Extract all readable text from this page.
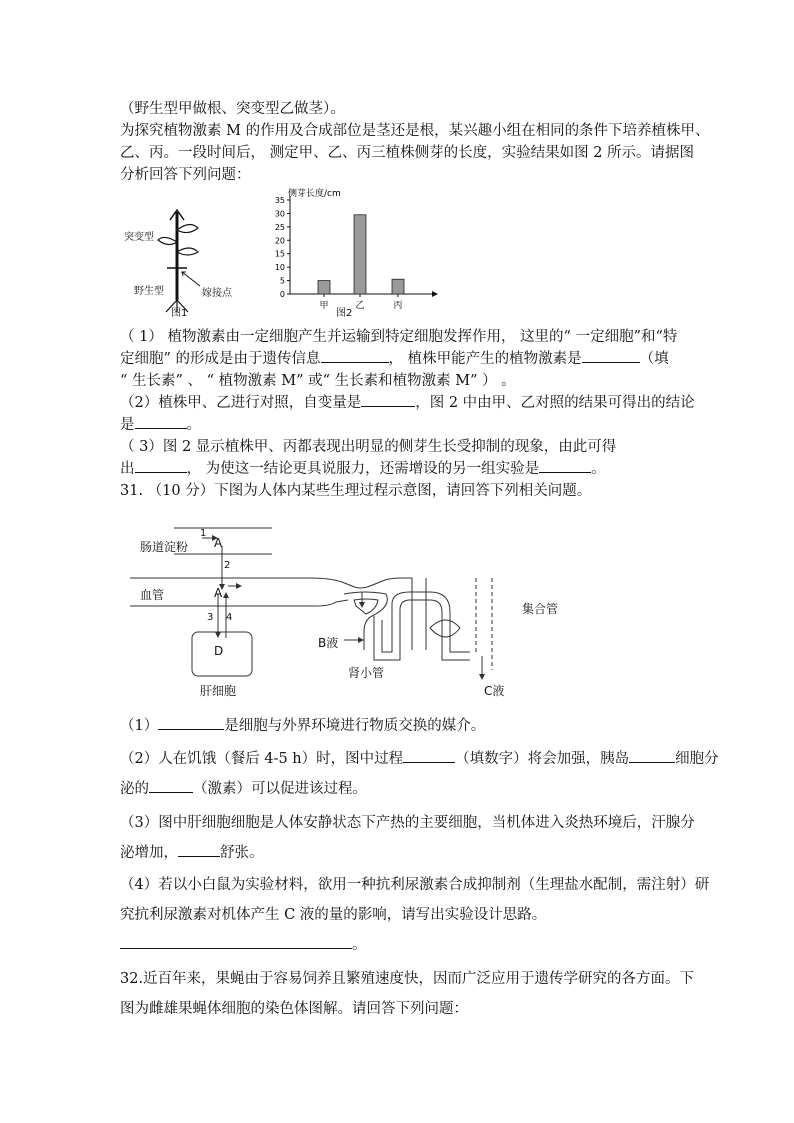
（野生型甲做根、突变型乙做茎）。
为探究植物激素 M 的作用及合成部位是茎还是根，某兴趣小组在相同的条件下培养植株甲、
乙、丙。一段时间后， 测定甲、乙、丙三植株侧芽的长度，实验结果如图 2 所示。请据图
分析回答下列问题：
突变型
野生型	嫁接点
图1
侧芽长度/cm
0
5
10
15
20
25
30
35
甲	乙	丙
图2
（ 1） 植物激素由一定细胞产生并运输到特定细胞发挥作用， 这里的“ 一定细胞”和“特
定细胞” 的形成是由于遗传信息	， 植株甲能产生的植物激素是	（填
“ 生长素” 、 “ 植物激素 M” 或“ 生长素和植物激素 M” ） 。
（2）植株甲、乙进行对照，自变量是	，图 2 中由甲、乙对照的结果可得出的结论
是	。
（ 3）图 2 显示植株甲、丙都表现出明显的侧芽生长受抑制的现象，由此可得
出	， 为使这一结论更具说服力，还需增设的另一组实验是	。
31. （10 分）下图为人体内某些生理过程示意图，请回答下列相关问题。
肠道淀粉
1
A
2
血管	A
3 4
D
肝细胞
B液
肾小管
集合管
C液
（1）	是细胞与外界环境进行物质交换的媒介。
（2）人在饥饿（餐后 4-5 h）时，图中过程	（填数字）将会加强，胰岛	细胞分
泌的	（激素）可以促进该过程。
（3）图中肝细胞细胞是人体安静状态下产热的主要细胞，当机体进入炎热环境后，汗腺分
泌增加，	舒张。
（4）若以小白鼠为实验材料，欲用一种抗利尿激素合成抑制剂（生理盐水配制，需注射）研
究抗利尿激素对机体产生 C 液的量的影响，请写出实验设计思路。
。
32.近百年来，果蝇由于容易饲养且繁殖速度快，因而广泛应用于遗传学研究的各方面。下
图为雌雄果蝇体细胞的染色体图解。请回答下列问题：
